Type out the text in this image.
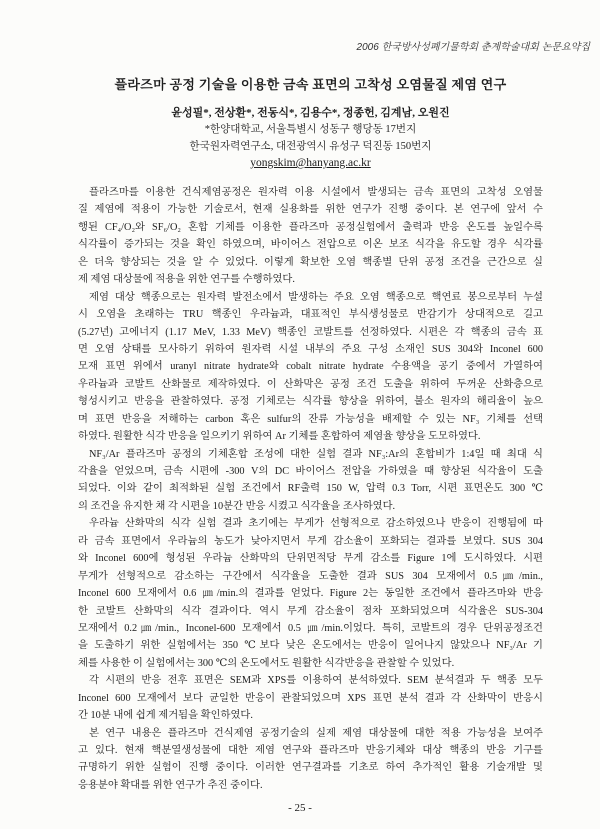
2006 한국방사성폐기물학회 춘계학술대회 논문요약집
플라즈마 공정 기술을 이용한 금속 표면의 고착성 오염물질 제염 연구
윤성필*, 전상환*, 전동식*, 김용수*, 정종헌, 김계남, 오원진
*한양대학교, 서울특별시 성동구 행당동 17번지
한국원자력연구소, 대전광역시 유성구 덕진동 150번지
yongskim@hanyang.ac.kr
플라즈마를 이용한 건식제염공정은 원자력 이용 시설에서 발생되는 금속 표면의 고착성 오염물
질 제염에 적용이 가능한 기술로서, 현재 실용화를 위한 연구가 진행 중이다. 본 연구에 앞서 수
행된 CF₄/O₂와 SF₆/O₂ 혼합 기체를 이용한 플라즈마 공정실험에서 출력과 반응 온도를 높일수록
식각률이 증가되는 것을 확인 하였으며, 바이어스 전압으로 이온 보조 식각을 유도할 경우 식각률
은 더욱 향상되는 것을 알 수 있었다. 이렇게 확보한 오염 핵종별 단위 공정 조건을 근간으로 실
제 제염 대상물에 적용을 위한 연구를 수행하였다.
제염 대상 핵종으로는 원자력 발전소에서 발생하는 주요 오염 핵종으로 핵연료 봉으로부터 누설
시 오염을 초래하는 TRU 핵종인 우라늄과, 대표적인 부식생성물로 반감기가 상대적으로 길고
(5.27년) 고에너지 (1.17 MeV, 1.33 MeV) 핵종인 코발트를 선정하였다. 시편은 각 핵종의 금속 표
면 오염 상태를 모사하기 위하여 원자력 시설 내부의 주요 구성 소재인 SUS 304와 Inconel 600
모재 표면 위에서 uranyl nitrate hydrate와 cobalt nitrate hydrate 수용액을 공기 중에서 가열하여
우라늄과 코발트 산화물로 제작하였다. 이 산화막은 공정 조건 도출을 위하여 두꺼운 산화층으로
형성시키고 반응을 관찰하였다. 공정 기체로는 식각률 향상을 위하여, 불소 원자의 해리율이 높으
며 표면 반응을 저해하는 carbon 혹은 sulfur의 잔류 가능성을 배제할 수 있는 NF₃ 기체를 선택
하였다. 원활한 식각 반응을 일으키기 위하여 Ar 기체를 혼합하여 제염율 향상을 도모하였다.
NF₃/Ar 플라즈마 공정의 기체혼합 조성에 대한 실험 결과 NF₃:Ar의 혼합비가 1:4일 때 최대 식
각율을 얻었으며, 금속 시편에 -300 V의 DC 바이어스 전압을 가하였을 때 향상된 식각율이 도출
되었다. 이와 같이 최적화된 실험 조건에서 RF출력 150 W, 압력 0.3 Torr, 시편 표면온도 300 ℃
의 조건을 유지한 채 각 시편을 10분간 반응 시켰고 식각율을 조사하였다.
우라늄 산화막의 식각 실험 결과 초기에는 무게가 선형적으로 감소하였으나 반응이 진행됨에 따
라 금속 표면에서 우라늄의 농도가 낮아지면서 무게 감소율이 포화되는 결과를 보였다. SUS 304
와 Inconel 600에 형성된 우라늄 산화막의 단위면적당 무게 감소를 Figure 1에 도시하였다. 시편
무게가 선형적으로 감소하는 구간에서 식각율을 도출한 결과 SUS 304 모재에서 0.5㎛/min.,
Inconel 600 모재에서 0.6 ㎛/min.의 결과를 얻었다. Figure 2는 동일한 조건에서 플라즈마와 반응
한 코발트 산화막의 식각 결과이다. 역시 무게 감소율이 점차 포화되었으며 식각율은 SUS-304
모재에서 0.2㎛/min., Inconel-600 모재에서 0.5 ㎛/min.이었다. 특히, 코발트의 경우 단위공정조건
을 도출하기 위한 실험에서는 350 ℃보다 낮은 온도에서는 반응이 일어나지 않았으나 NF₃/Ar 기
체를 사용한 이 실험에서는 300 ℃의 온도에서도 원활한 식각반응을 관찰할 수 있었다.
각 시편의 반응 전후 표면은 SEM과 XPS를 이용하여 분석하였다. SEM 분석결과 두 핵종 모두
Inconel 600 모재에서 보다 균일한 반응이 관찰되었으며 XPS 표면 분석 결과 각 산화막이 반응시
간 10분 내에 쉽게 제거됨을 확인하였다.
본 연구 내용은 플라즈마 건식제염 공정기술의 실제 제염 대상물에 대한 적용 가능성을 보여주
고 있다. 현재 핵분열생성물에 대한 제염 연구와 플라즈마 반응기체와 대상 핵종의 반응 기구를
규명하기 위한 실험이 진행 중이다. 이러한 연구결과를 기초로 하여 추가적인 활용 기술개발 및
응용분야 확대를 위한 연구가 추진 중이다.
- 25 -
